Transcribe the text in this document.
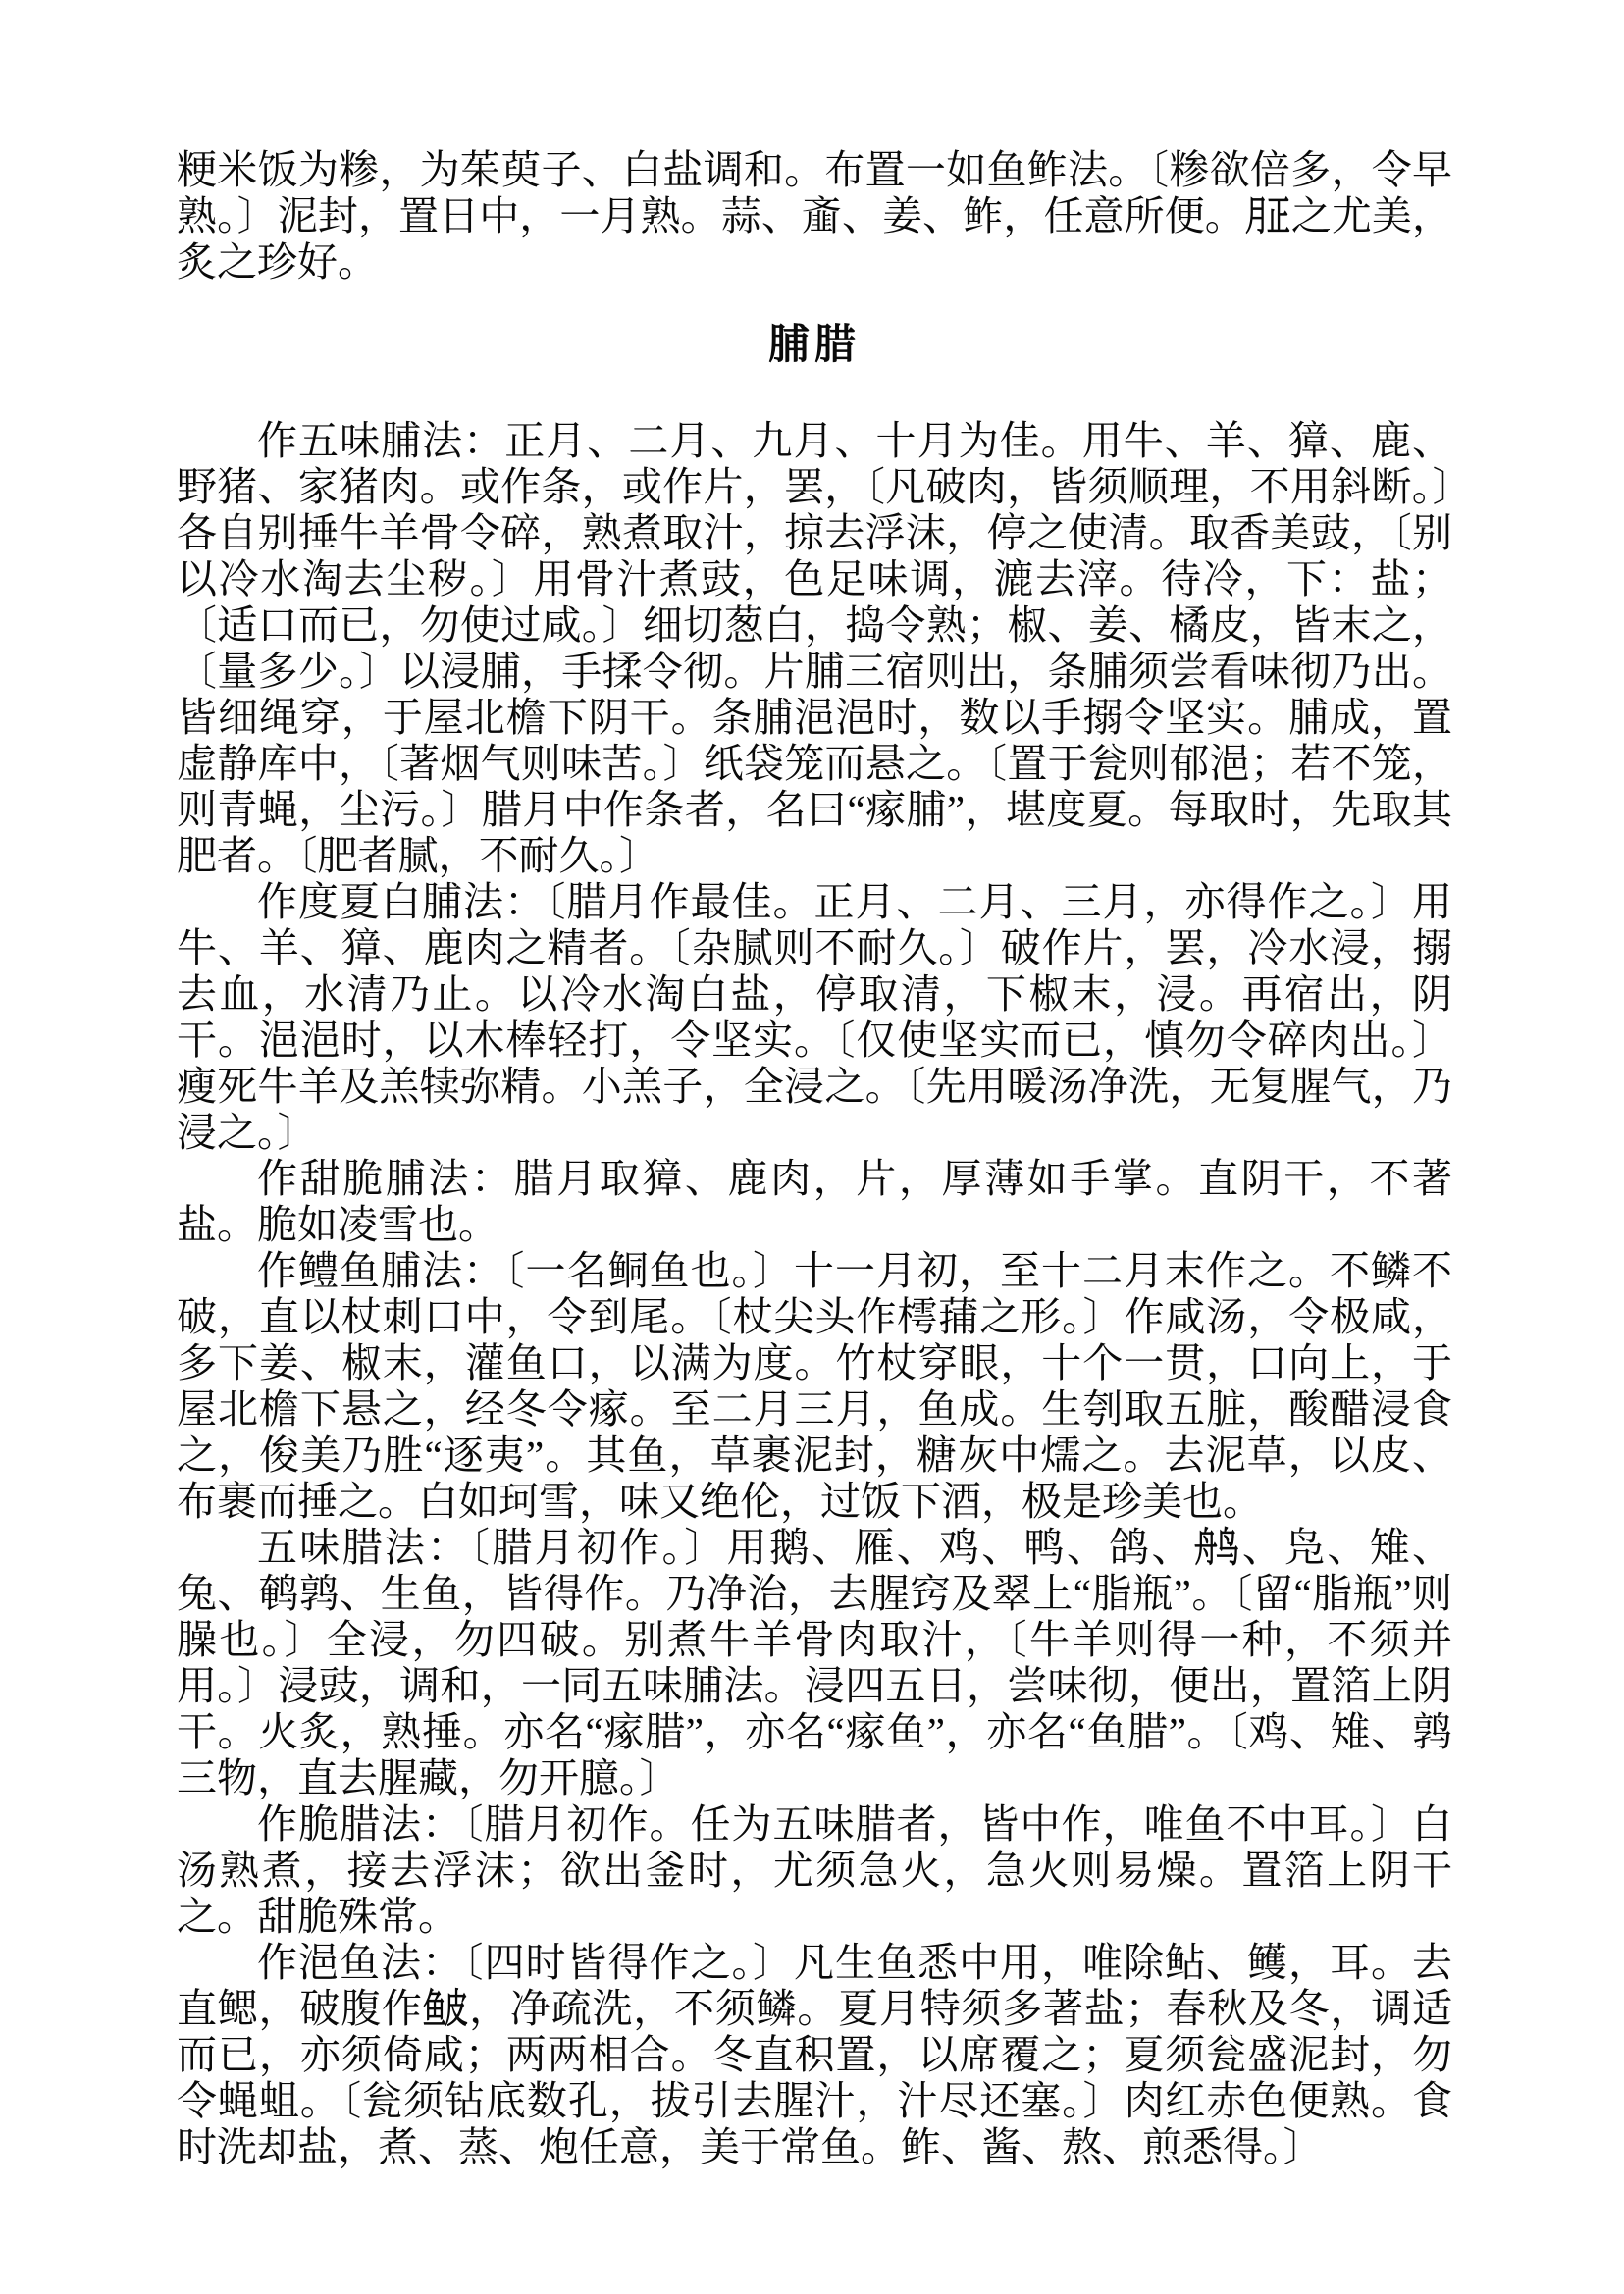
粳米饭为糁，为茱萸子、白盐调和。布置一如鱼鲊法。〔糁欲倍多，令早熟。〕泥封，置日中，一月熟。蒜、齑、姜、鲊，任意所便。月正之尤美，炙之珍好。

脯腊

作五味脯法：正月、二月、九月、十月为佳。用牛、羊、獐、鹿、野猪、家猪肉。或作条，或作片，罢，〔凡破肉，皆须顺理，不用斜断。〕各自别捶牛羊骨令碎，熟煮取汁，掠去浮沫，停之使清。取香美豉，〔别以冷水淘去尘秽。〕用骨汁煮豉，色足味调，漉去滓。待冷，下：盐；〔适口而已，勿使过咸。〕细切葱白，捣令熟；椒、姜、橘皮，皆末之，〔量多少。〕以浸脯，手揉令彻。片脯三宿则出，条脯须尝看味彻乃出。皆细绳穿，于屋北檐下阴干。条脯浥浥时，数以手搦令坚实。脯成，置虚静库中，〔著烟气则味苦。〕纸袋笼而悬之。〔置于瓮则郁浥；若不笼，则青蝇，尘污。〕腊月中作条者，名曰“瘃脯”，堪度夏。每取时，先取其肥者。〔肥者腻，不耐久。〕

作度夏白脯法：〔腊月作最佳。正月、二月、三月，亦得作之。〕用牛、羊、獐、鹿肉之精者。〔杂腻则不耐久。〕破作片，罢，冷水浸，搦去血，水清乃止。以冷水淘白盐，停取清，下椒末，浸。再宿出，阴干。浥浥时，以木棒轻打，令坚实。〔仅使坚实而已，慎勿令碎肉出。〕瘦死牛羊及羔犊弥精。小羔子，全浸之。〔先用暖汤净洗，无复腥气，乃浸之。〕

作甜脆脯法：腊月取獐、鹿肉，片，厚薄如手掌。直阴干，不著盐。脆如凌雪也。

作鳢鱼脯法：〔一名鲖鱼也。〕十一月初，至十二月末作之。不鳞不破，直以杖刺口中，令到尾。〔杖尖头作樗蒱之形。〕作咸汤，令极咸，多下姜、椒末，灌鱼口，以满为度。竹杖穿眼，十个一贯，口向上，于屋北檐下悬之，经冬令瘃。至二月三月，鱼成。生刳取五脏，酸醋浸食之，俊美乃胜“逐夷”。其鱼，草裹泥封，糖灰中燸之。去泥草，以皮、布裹而捶之。白如珂雪，味又绝伦，过饭下酒，极是珍美也。

五味腊法：〔腊月初作。〕用鹅、雁、鸡、鸭、鸽、舟鸟、凫、雉、兔、鹌鹑、生鱼，皆得作。乃净治，去腥窍及翠上“脂瓶”。〔留“脂瓶”则臊也。〕全浸，勿四破。别煮牛羊骨肉取汁，〔牛羊则得一种，不须并用。〕浸豉，调和，一同五味脯法。浸四五日，尝味彻，便出，置箔上阴干。火炙，熟捶。亦名“瘃腊”，亦名“瘃鱼”，亦名“鱼腊”。〔鸡、雉、鹑三物，直去腥藏，勿开臆。〕

作脆腊法：〔腊月初作。任为五味腊者，皆中作，唯鱼不中耳。〕白汤熟煮，接去浮沫；欲出釜时，尤须急火，急火则易燥。置箔上阴干之。甜脆殊常。

作浥鱼法：〔四时皆得作之。〕凡生鱼悉中用，唯除鲇、鳠，耳。去直鳃，破腹作鱼皮，净疏洗，不须鳞。夏月特须多著盐；春秋及冬，调适而已，亦须倚咸；两两相合。冬直积置，以席覆之；夏须瓮盛泥封，勿令蝇蛆。〔瓮须钻底数孔，拔引去腥汁，汁尽还塞。〕肉红赤色便熟。食时洗却盐，煮、蒸、炮任意，美于常鱼。鲊、酱、熬、煎悉得。〕
